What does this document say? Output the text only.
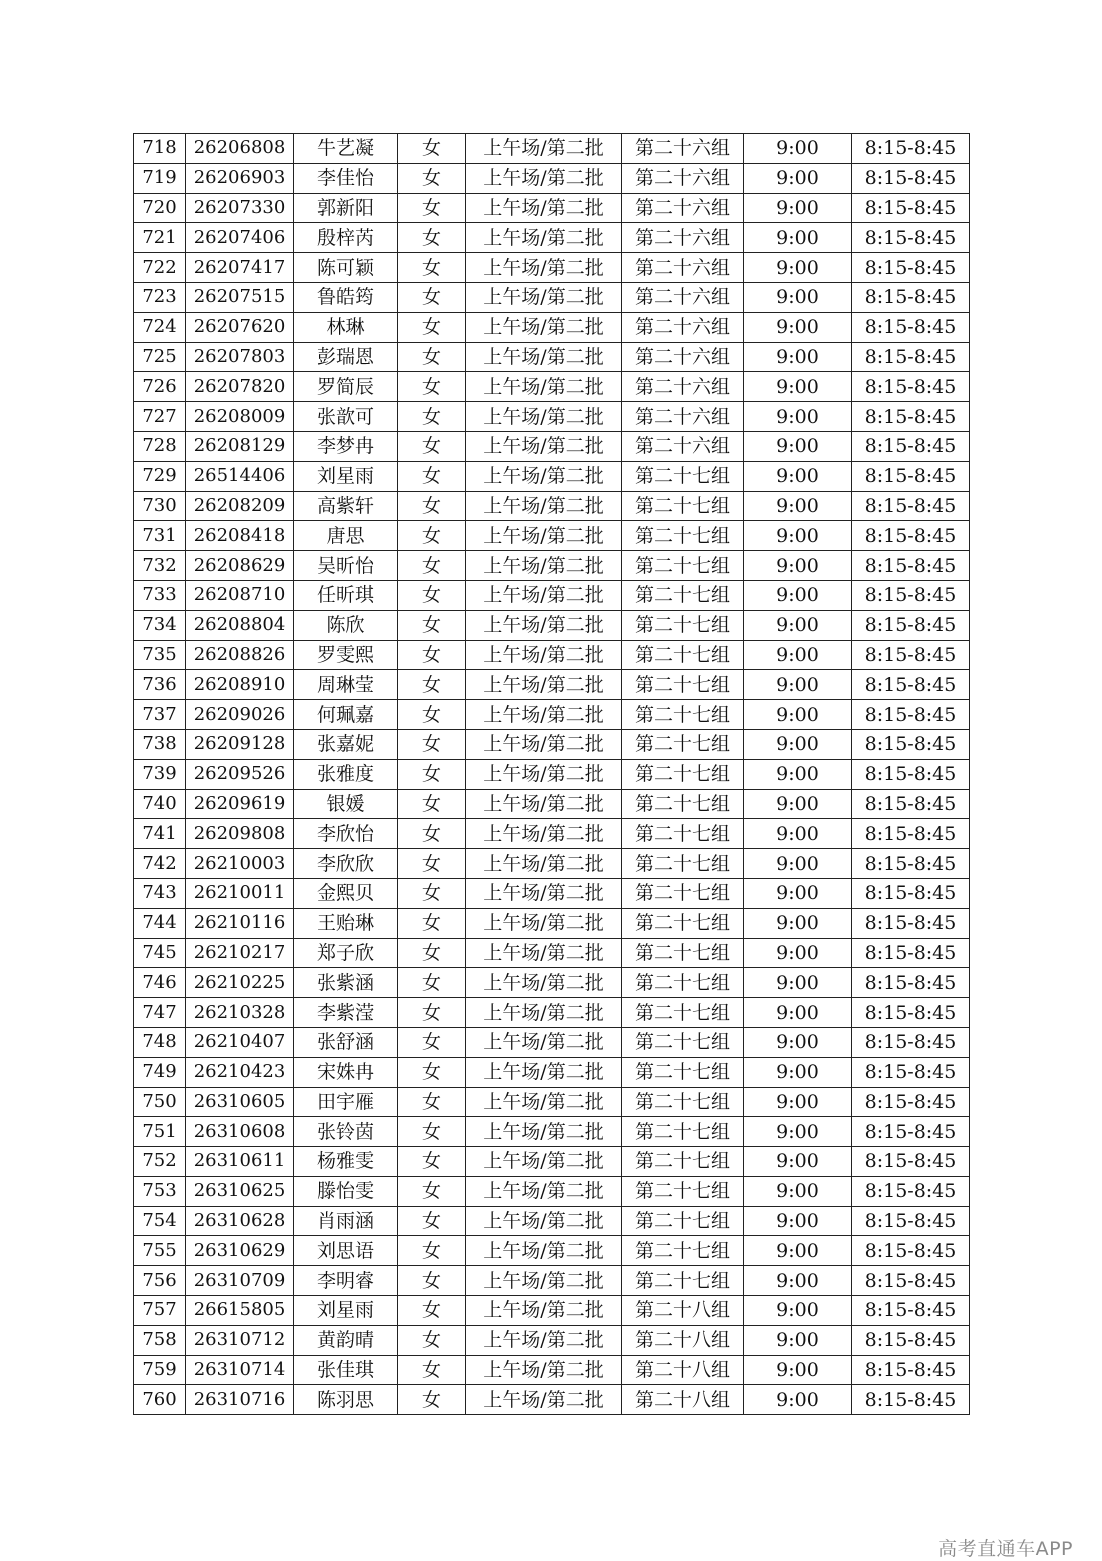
718	26206808	牛艺凝	女	上午场/第二批	第二十六组	9:00	8:15-8:45
719	26206903	李佳怡	女	上午场/第二批	第二十六组	9:00	8:15-8:45
720	26207330	郭新阳	女	上午场/第二批	第二十六组	9:00	8:15-8:45
721	26207406	殷梓芮	女	上午场/第二批	第二十六组	9:00	8:15-8:45
722	26207417	陈可颖	女	上午场/第二批	第二十六组	9:00	8:15-8:45
723	26207515	鲁皓筠	女	上午场/第二批	第二十六组	9:00	8:15-8:45
724	26207620	林琳	女	上午场/第二批	第二十六组	9:00	8:15-8:45
725	26207803	彭瑞恩	女	上午场/第二批	第二十六组	9:00	8:15-8:45
726	26207820	罗简辰	女	上午场/第二批	第二十六组	9:00	8:15-8:45
727	26208009	张歆可	女	上午场/第二批	第二十六组	9:00	8:15-8:45
728	26208129	李梦冉	女	上午场/第二批	第二十六组	9:00	8:15-8:45
729	26514406	刘星雨	女	上午场/第二批	第二十七组	9:00	8:15-8:45
730	26208209	高紫轩	女	上午场/第二批	第二十七组	9:00	8:15-8:45
731	26208418	唐思	女	上午场/第二批	第二十七组	9:00	8:15-8:45
732	26208629	吴昕怡	女	上午场/第二批	第二十七组	9:00	8:15-8:45
733	26208710	任昕琪	女	上午场/第二批	第二十七组	9:00	8:15-8:45
734	26208804	陈欣	女	上午场/第二批	第二十七组	9:00	8:15-8:45
735	26208826	罗雯熙	女	上午场/第二批	第二十七组	9:00	8:15-8:45
736	26208910	周琳莹	女	上午场/第二批	第二十七组	9:00	8:15-8:45
737	26209026	何珮嘉	女	上午场/第二批	第二十七组	9:00	8:15-8:45
738	26209128	张嘉妮	女	上午场/第二批	第二十七组	9:00	8:15-8:45
739	26209526	张雅度	女	上午场/第二批	第二十七组	9:00	8:15-8:45
740	26209619	银媛	女	上午场/第二批	第二十七组	9:00	8:15-8:45
741	26209808	李欣怡	女	上午场/第二批	第二十七组	9:00	8:15-8:45
742	26210003	李欣欣	女	上午场/第二批	第二十七组	9:00	8:15-8:45
743	26210011	金熙贝	女	上午场/第二批	第二十七组	9:00	8:15-8:45
744	26210116	王贻琳	女	上午场/第二批	第二十七组	9:00	8:15-8:45
745	26210217	郑子欣	女	上午场/第二批	第二十七组	9:00	8:15-8:45
746	26210225	张紫涵	女	上午场/第二批	第二十七组	9:00	8:15-8:45
747	26210328	李紫滢	女	上午场/第二批	第二十七组	9:00	8:15-8:45
748	26210407	张舒涵	女	上午场/第二批	第二十七组	9:00	8:15-8:45
749	26210423	宋姝冉	女	上午场/第二批	第二十七组	9:00	8:15-8:45
750	26310605	田宇雁	女	上午场/第二批	第二十七组	9:00	8:15-8:45
751	26310608	张铃茵	女	上午场/第二批	第二十七组	9:00	8:15-8:45
752	26310611	杨雅雯	女	上午场/第二批	第二十七组	9:00	8:15-8:45
753	26310625	滕怡雯	女	上午场/第二批	第二十七组	9:00	8:15-8:45
754	26310628	肖雨涵	女	上午场/第二批	第二十七组	9:00	8:15-8:45
755	26310629	刘思语	女	上午场/第二批	第二十七组	9:00	8:15-8:45
756	26310709	李明睿	女	上午场/第二批	第二十七组	9:00	8:15-8:45
757	26615805	刘星雨	女	上午场/第二批	第二十八组	9:00	8:15-8:45
758	26310712	黄韵晴	女	上午场/第二批	第二十八组	9:00	8:15-8:45
759	26310714	张佳琪	女	上午场/第二批	第二十八组	9:00	8:15-8:45
760	26310716	陈羽思	女	上午场/第二批	第二十八组	9:00	8:15-8:45
高考直通车APP
